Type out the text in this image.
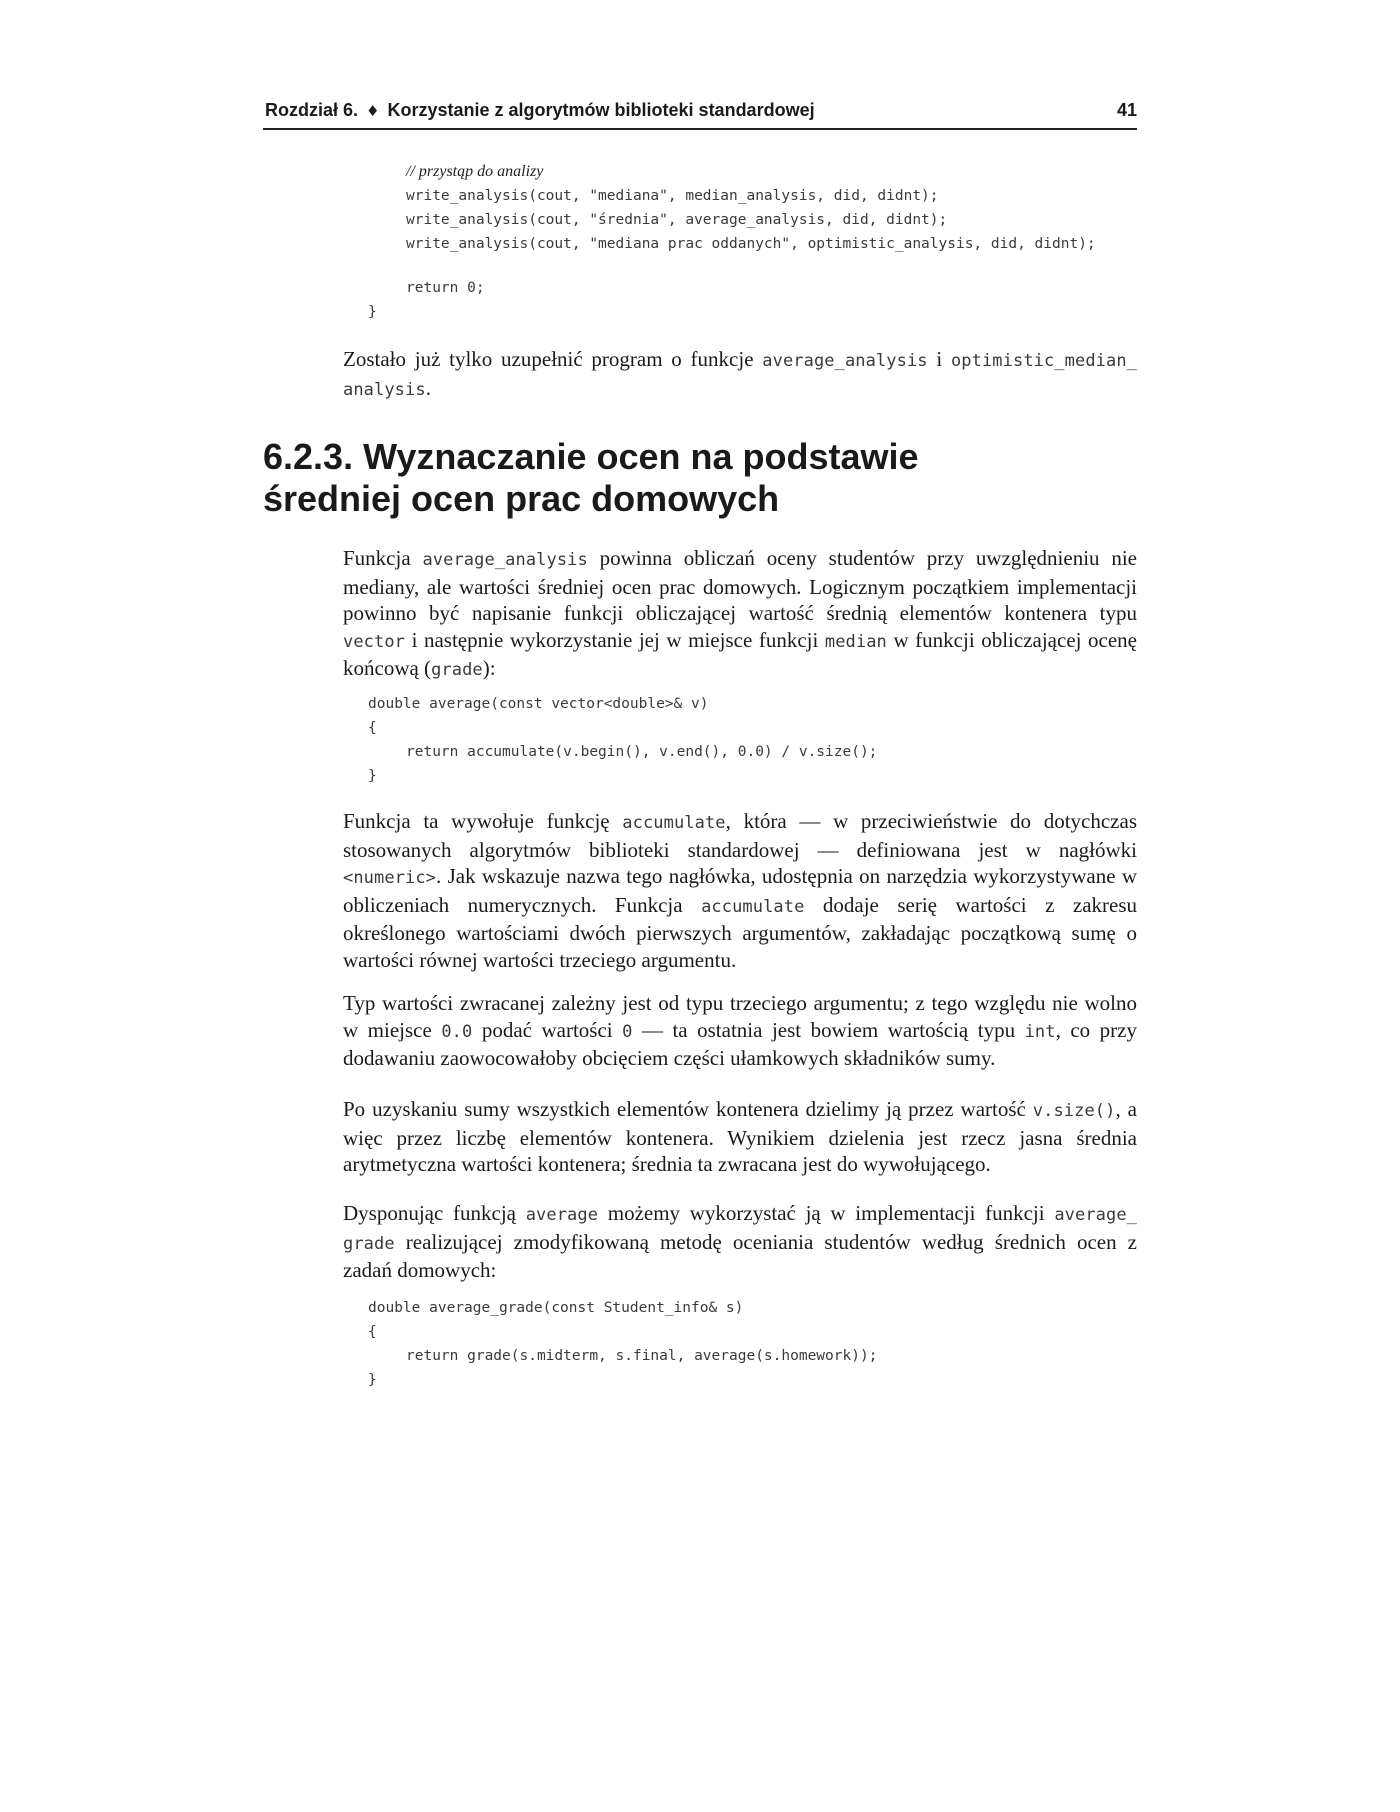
Rozdział 6. ♦ Korzystanie z algorytmów biblioteki standardowej	41
// przystąp do analizy
write_analysis(cout, "mediana", median_analysis, did, didnt);
write_analysis(cout, "średnia", average_analysis, did, didnt);
write_analysis(cout, "mediana prac oddanych", optimistic_analysis, did, didnt);
return 0;
}

Zostało już tylko uzupełnić program o funkcje average_analysis i optimistic_median_ analysis.

6.2.3. Wyznaczanie ocen na podstawie
średniej ocen prac domowych

Funkcja average_analysis powinna obliczań oceny studentów przy uwzględnieniu nie mediany, ale wartości średniej ocen prac domowych. Logicznym początkiem implementacji powinno być napisanie funkcji obliczającej wartość średnią elementów kontenera typu vector i następnie wykorzystanie jej w miejsce funkcji median w funkcji obliczającej ocenę końcową (grade):

double average(const vector<double>& v)
{
return accumulate(v.begin(), v.end(), 0.0) / v.size();
}

Funkcja ta wywołuje funkcję accumulate, która — w przeciwieństwie do dotychczas stosowanych algorytmów biblioteki standardowej — definiowana jest w nagłówki <numeric>. Jak wskazuje nazwa tego nagłówka, udostępnia on narzędzia wykorzystywane w obliczeniach numerycznych. Funkcja accumulate dodaje serię wartości z zakresu określonego wartościami dwóch pierwszych argumentów, zakładając początkową sumę o wartości równej wartości trzeciego argumentu.

Typ wartości zwracanej zależny jest od typu trzeciego argumentu; z tego względu nie wolno w miejsce 0.0 podać wartości 0 — ta ostatnia jest bowiem wartością typu int, co przy dodawaniu zaowocowałoby obcięciem części ułamkowych składników sumy.

Po uzyskaniu sumy wszystkich elementów kontenera dzielimy ją przez wartość v.size(), a więc przez liczbę elementów kontenera. Wynikiem dzielenia jest rzecz jasna średnia arytmetyczna wartości kontenera; średnia ta zwracana jest do wywołującego.

Dysponując funkcją average możemy wykorzystać ją w implementacji funkcji average_ grade realizującej zmodyfikowaną metodę oceniania studentów według średnich ocen z zadań domowych:

double average_grade(const Student_info& s)
{
return grade(s.midterm, s.final, average(s.homework));
}
